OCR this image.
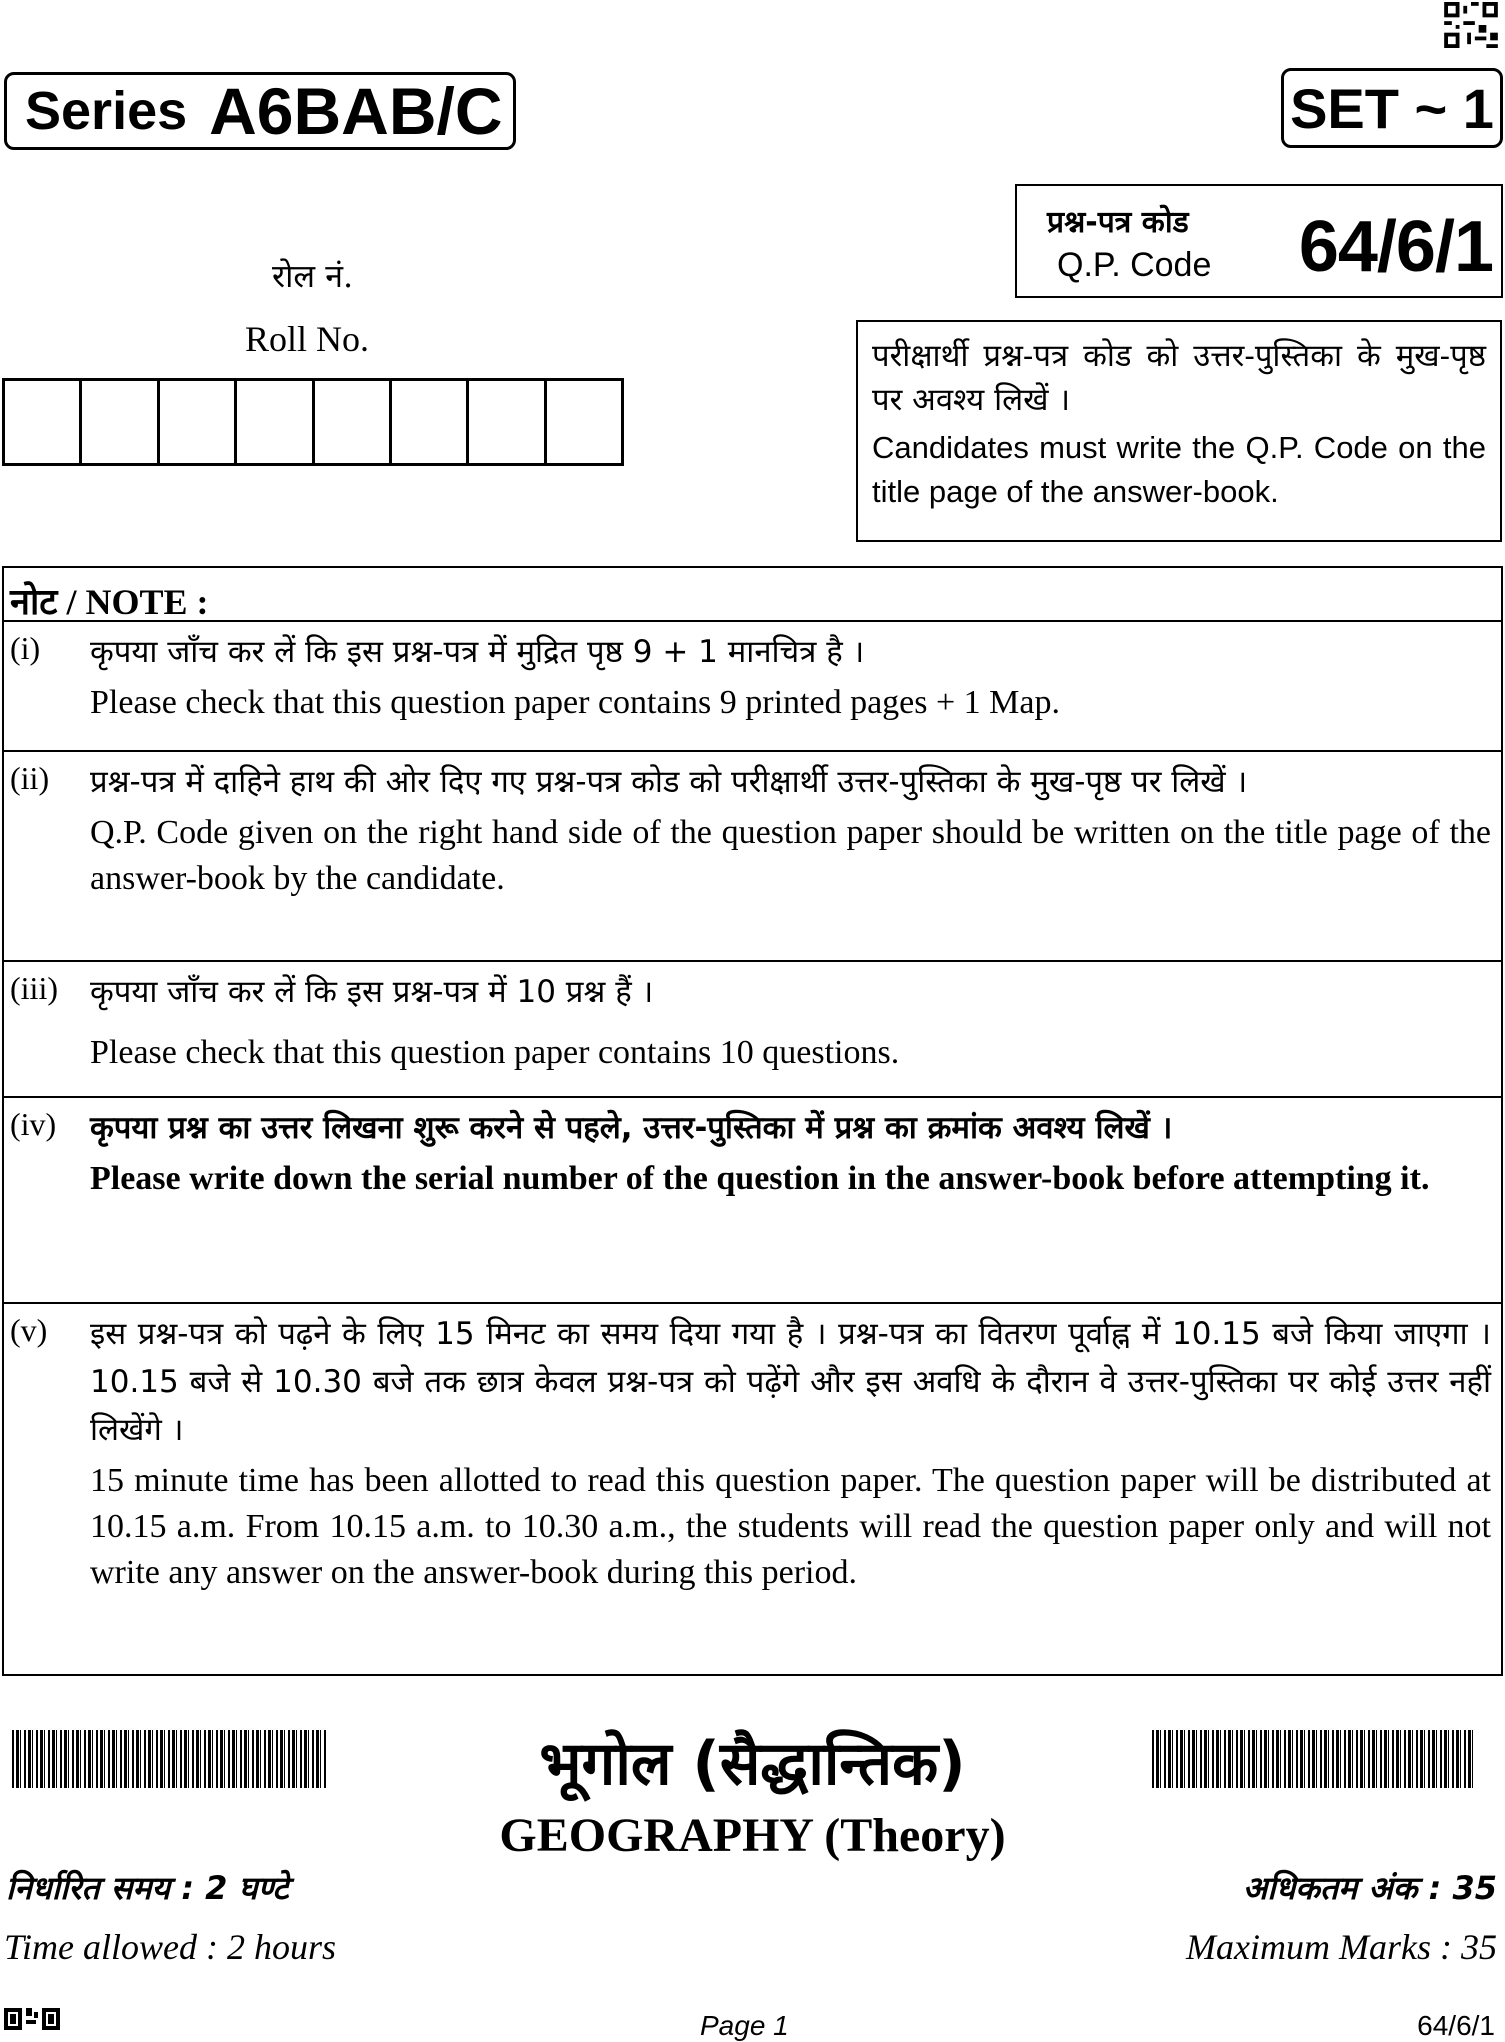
Series A6BAB/C	SET ~ 1
प्रश्न-पत्र कोड
Q.P. Code 64/6/1
रोल नं.
Roll No.	परीक्षार्थी प्रश्न-पत्र कोड को उत्तर-पुस्तिका के मुख-पृष्ठ पर अवश्य लिखें ।
Candidates must write the Q.P. Code on the title page of the answer-book.
नोट / NOTE :
(i) कृपया जाँच कर लें कि इस प्रश्न-पत्र में मुद्रित पृष्ठ 9 + 1 मानचित्र है ।
Please check that this question paper contains 9 printed pages + 1 Map.
(ii) प्रश्न-पत्र में दाहिने हाथ की ओर दिए गए प्रश्न-पत्र कोड को परीक्षार्थी उत्तर-पुस्तिका के मुख-पृष्ठ पर लिखें ।
Q.P. Code given on the right hand side of the question paper should be written on the title page of the answer-book by the candidate.
(iii) कृपया जाँच कर लें कि इस प्रश्न-पत्र में 10 प्रश्न हैं ।
Please check that this question paper contains 10 questions.
(iv) कृपया प्रश्न का उत्तर लिखना शुरू करने से पहले, उत्तर-पुस्तिका में प्रश्न का क्रमांक अवश्य लिखें ।
Please write down the serial number of the question in the answer-book before attempting it.
(v) इस प्रश्न-पत्र को पढ़ने के लिए 15 मिनट का समय दिया गया है । प्रश्न-पत्र का वितरण पूर्वाह्न में 10.15 बजे किया जाएगा । 10.15 बजे से 10.30 बजे तक छात्र केवल प्रश्न-पत्र को पढ़ेंगे और इस अवधि के दौरान वे उत्तर-पुस्तिका पर कोई उत्तर नहीं लिखेंगे ।
15 minute time has been allotted to read this question paper. The question paper will be distributed at 10.15 a.m. From 10.15 a.m. to 10.30 a.m., the students will read the question paper only and will not write any answer on the answer-book during this period.
भूगोल (सैद्धान्तिक)
GEOGRAPHY (Theory)
निर्धारित समय : 2 घण्टे
Time allowed : 2 hours
अधिकतम अंक : 35
Maximum Marks : 35
Page 1	64/6/1
